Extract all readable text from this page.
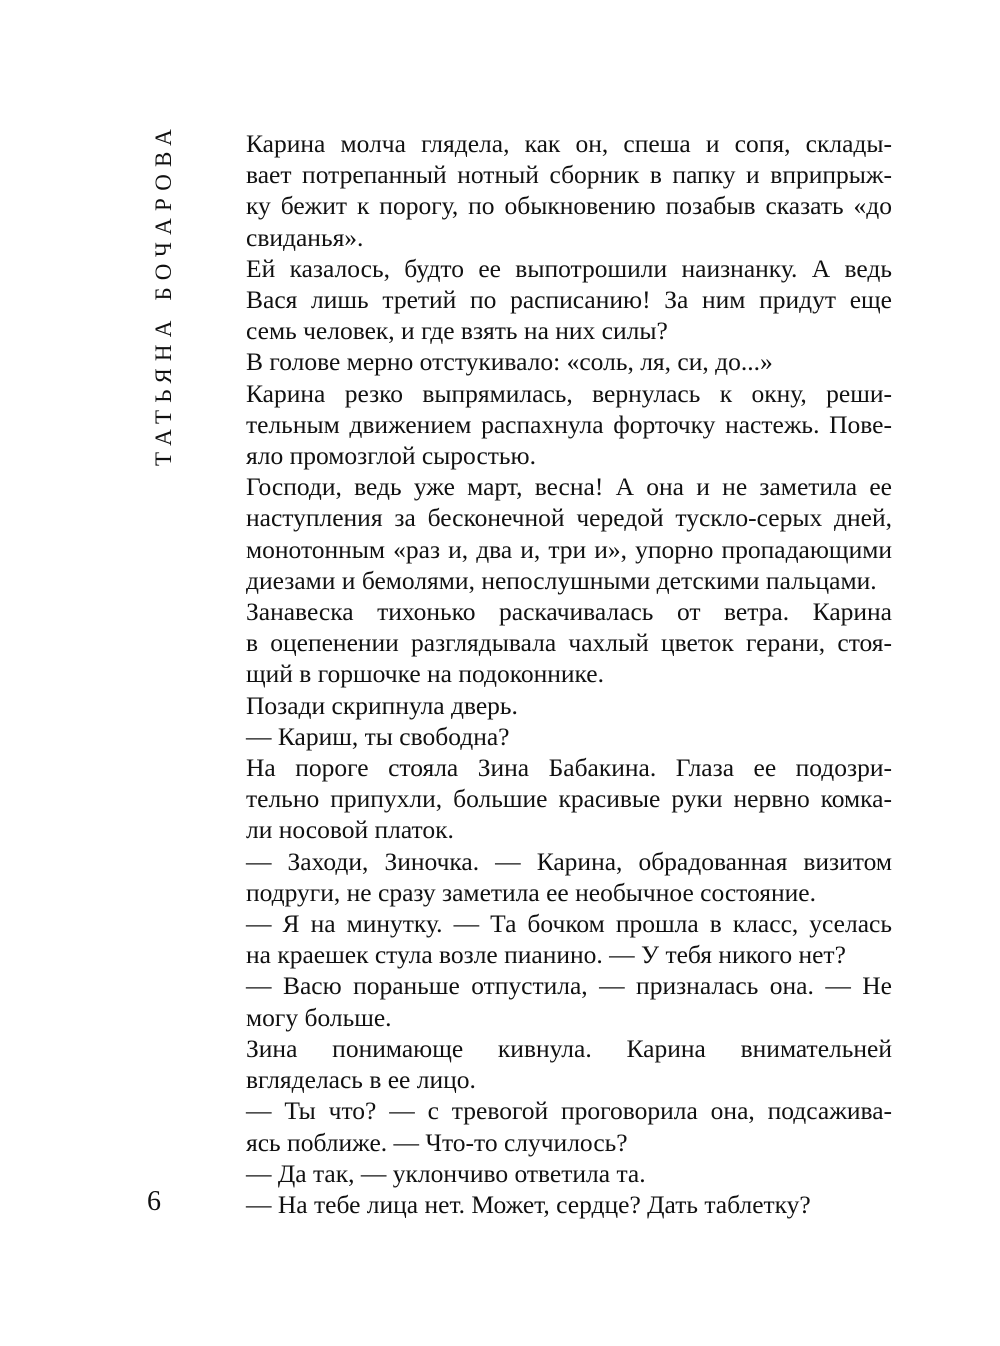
ТАТЬЯНА БОЧАРОВА
6

Карина молча глядела, как он, спеша и сопя, склады-
вает потрепанный нотный сборник в папку и вприпрыж-
ку бежит к порогу, по обыкновению позабыв сказать «до
свиданья».

Ей казалось, будто ее выпотрошили наизнанку. А ведь
Вася лишь третий по расписанию! За ним придут еще
семь человек, и где взять на них силы?

В голове мерно отстукивало: «соль, ля, си, до...»

Карина резко выпрямилась, вернулась к окну, реши-
тельным движением распахнула форточку настежь. Пове-
яло промозглой сыростью.

Господи, ведь уже март, весна! А она и не заметила ее
наступления за бесконечной чередой тускло-серых дней,
монотонным «раз и, два и, три и», упорно пропадающими
диезами и бемолями, непослушными детскими пальцами.

Занавеска тихонько раскачивалась от ветра. Карина
в оцепенении разглядывала чахлый цветок герани, стоя-
щий в горшочке на подоконнике.

Позади скрипнула дверь.

— Кариш, ты свободна?

На пороге стояла Зина Бабакина. Глаза ее подозри-
тельно припухли, большие красивые руки нервно комка-
ли носовой платок.

— Заходи, Зиночка. — Карина, обрадованная визитом
подруги, не сразу заметила ее необычное состояние.

— Я на минутку. — Та бочком прошла в класс, уселась
на краешек стула возле пианино. — У тебя никого нет?

— Васю пораньше отпустила, — призналась она. — Не
могу больше.

Зина понимающе кивнула. Карина внимательней
вгляделась в ее лицо.

— Ты что? — с тревогой проговорила она, подсажива-
ясь поближе. — Что-то случилось?

— Да так, — уклончиво ответила та.

— На тебе лица нет. Может, сердце? Дать таблетку?
